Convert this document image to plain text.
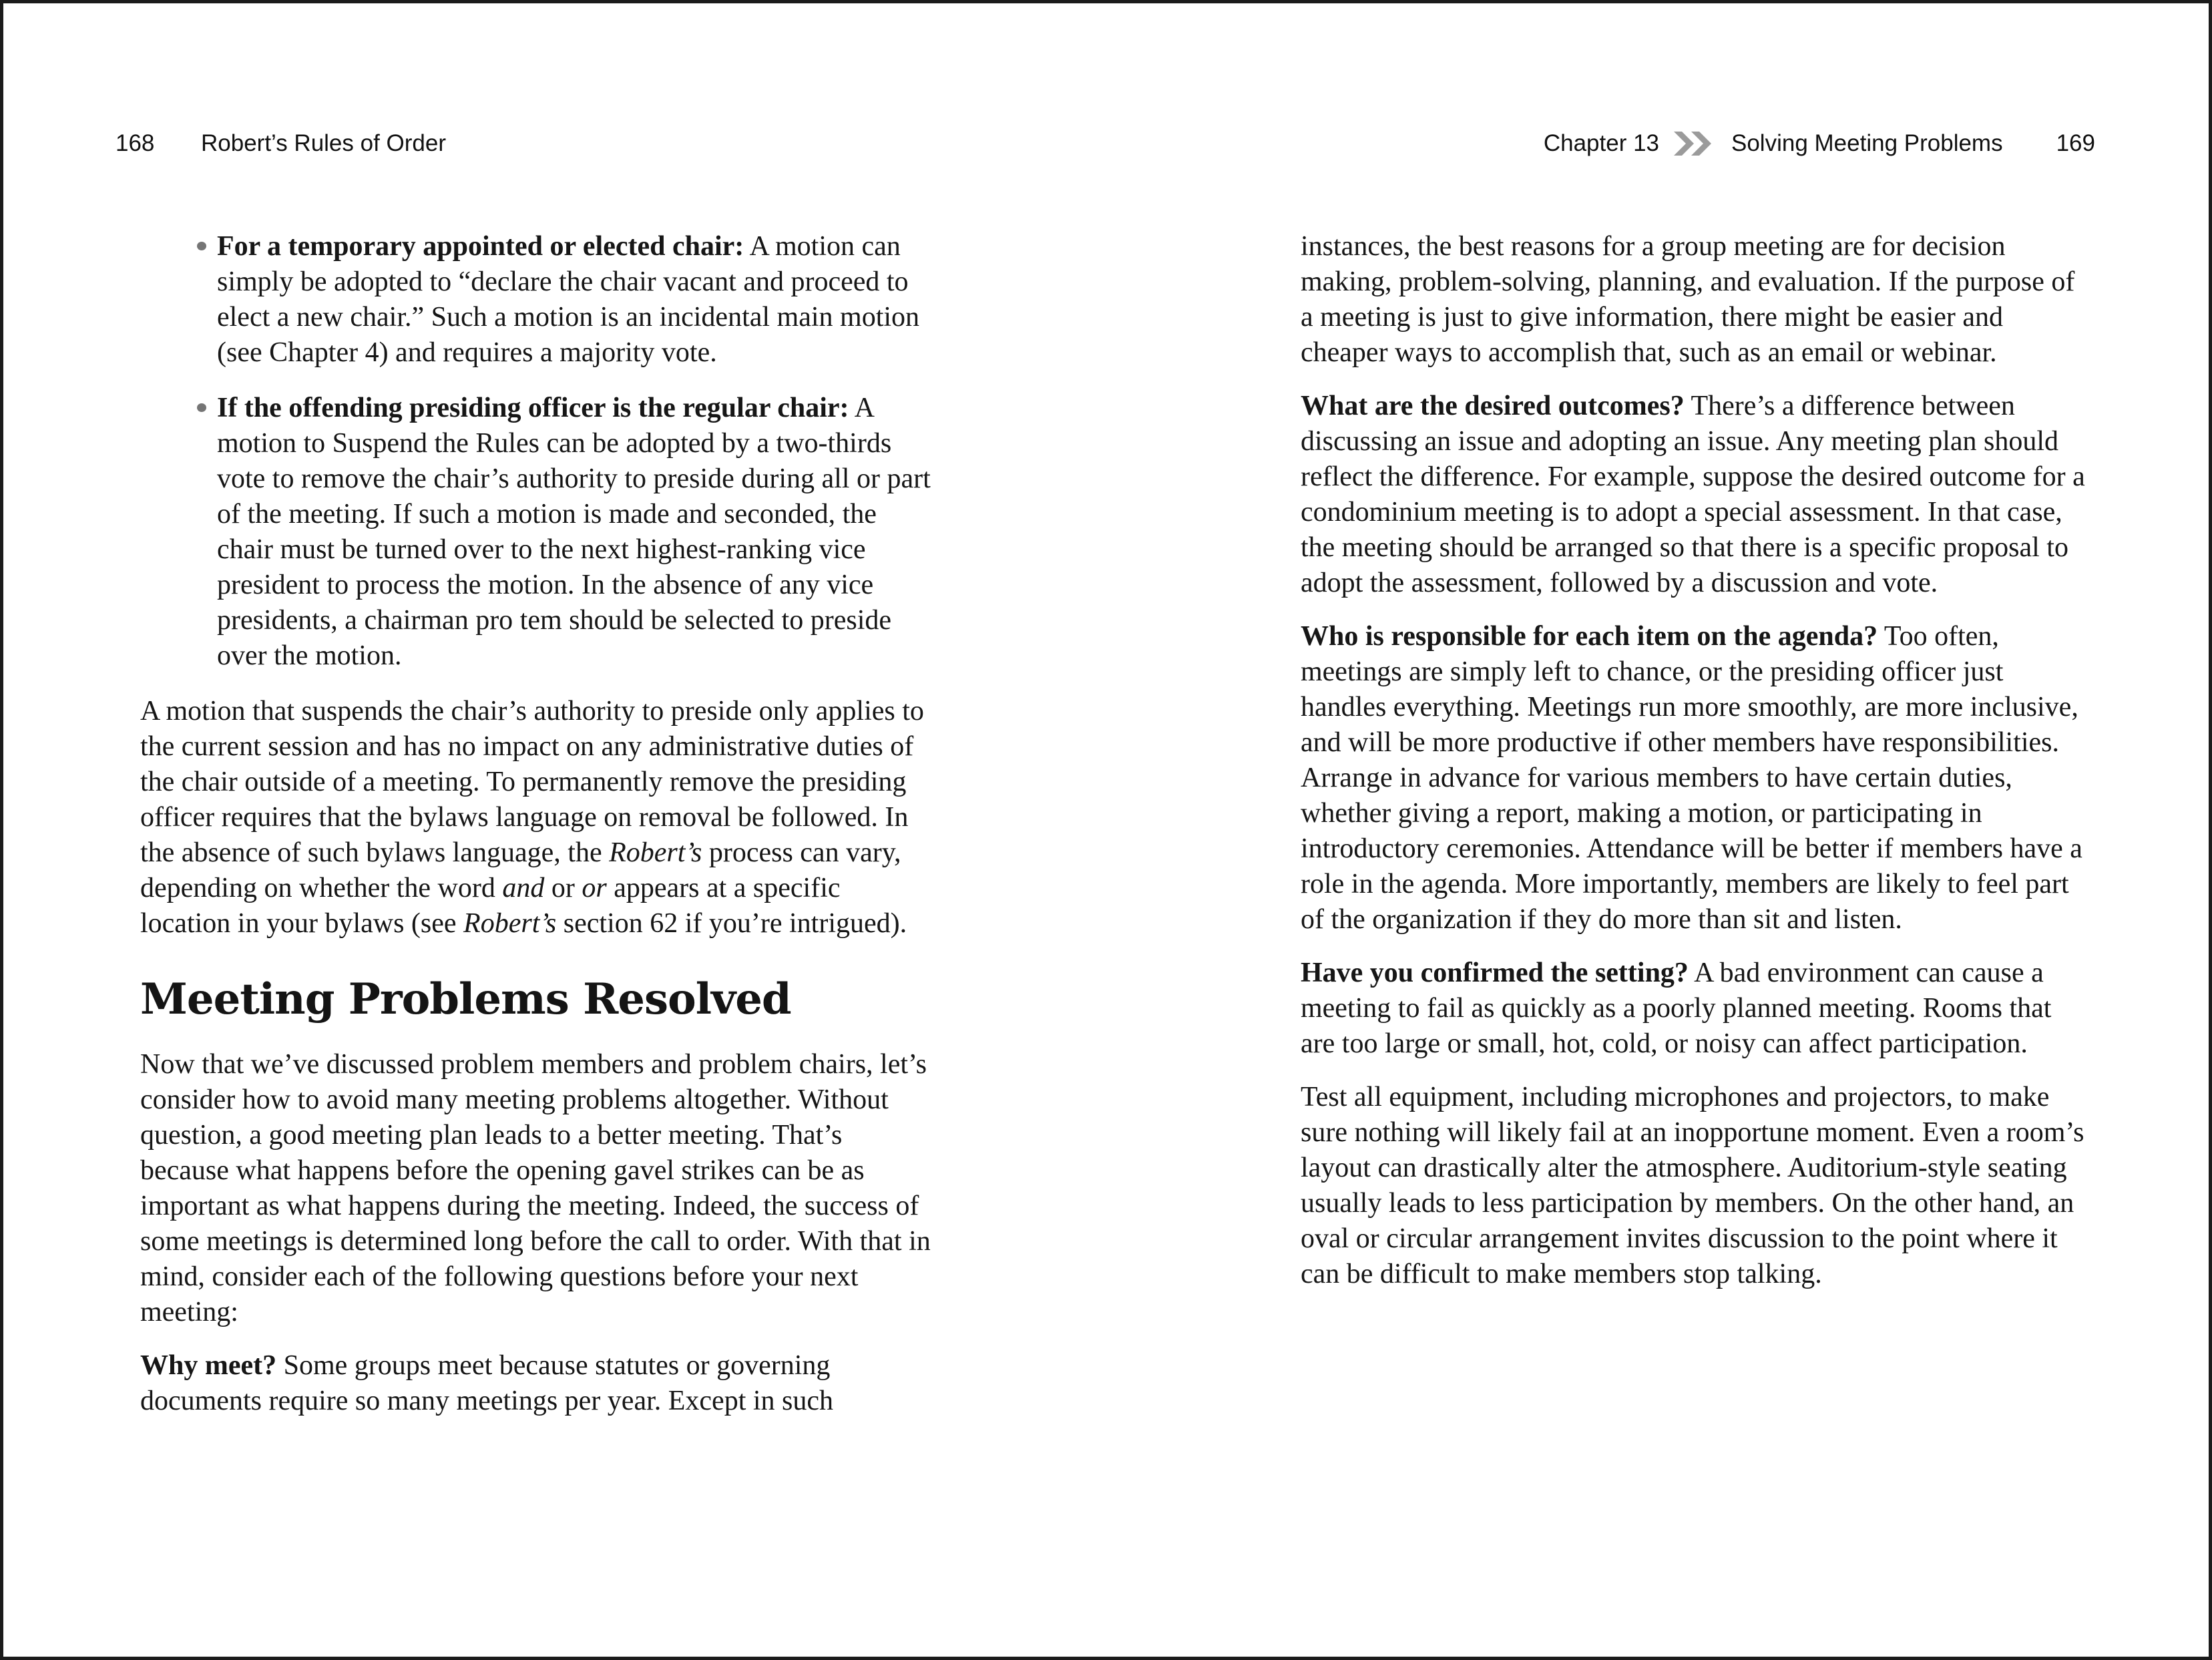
168	Robert’s Rules of Order	Chapter 13	Solving Meeting Problems 169

For a temporary appointed or elected chair: A motion can simply be adopted to “declare the chair vacant and proceed to elect a new chair.” Such a motion is an incidental main motion (see Chapter 4) and requires a majority vote.

If the offending presiding officer is the regular chair: A motion to Suspend the Rules can be adopted by a two-thirds vote to remove the chair’s authority to preside during all or part of the meeting. If such a motion is made and seconded, the chair must be turned over to the next highest-ranking vice president to process the motion. In the absence of any vice presidents, a chairman pro tem should be selected to preside over the motion.

A motion that suspends the chair’s authority to preside only applies to the current session and has no impact on any administrative duties of the chair outside of a meeting. To permanently remove the presiding officer requires that the bylaws language on removal be followed. In the absence of such bylaws language, the Robert’s process can vary, depending on whether the word and or or appears at a specific location in your bylaws (see Robert’s section 62 if you’re intrigued).

Meeting Problems Resolved

Now that we’ve discussed problem members and problem chairs, let’s consider how to avoid many meeting problems altogether. Without question, a good meeting plan leads to a better meeting. That’s because what happens before the opening gavel strikes can be as important as what happens during the meeting. Indeed, the success of some meetings is determined long before the call to order. With that in mind, consider each of the following questions before your next meeting:

Why meet? Some groups meet because statutes or governing documents require so many meetings per year. Except in such

instances, the best reasons for a group meeting are for decision making, problem-solving, planning, and evaluation. If the purpose of a meeting is just to give information, there might be easier and cheaper ways to accomplish that, such as an email or webinar.

What are the desired outcomes? There’s a difference between discussing an issue and adopting an issue. Any meeting plan should reflect the difference. For example, suppose the desired outcome for a condominium meeting is to adopt a special assessment. In that case, the meeting should be arranged so that there is a specific proposal to adopt the assessment, followed by a discussion and vote.

Who is responsible for each item on the agenda? Too often, meetings are simply left to chance, or the presiding officer just handles everything. Meetings run more smoothly, are more inclusive, and will be more productive if other members have responsibilities. Arrange in advance for various members to have certain duties, whether giving a report, making a motion, or participating in introductory ceremonies. Attendance will be better if members have a role in the agenda. More importantly, members are likely to feel part of the organization if they do more than sit and listen.

Have you confirmed the setting? A bad environment can cause a meeting to fail as quickly as a poorly planned meeting. Rooms that are too large or small, hot, cold, or noisy can affect participation.

Test all equipment, including microphones and projectors, to make sure nothing will likely fail at an inopportune moment. Even a room’s layout can drastically alter the atmosphere. Auditorium-style seating usually leads to less participation by members. On the other hand, an oval or circular arrangement invites discussion to the point where it can be difficult to make members stop talking.
